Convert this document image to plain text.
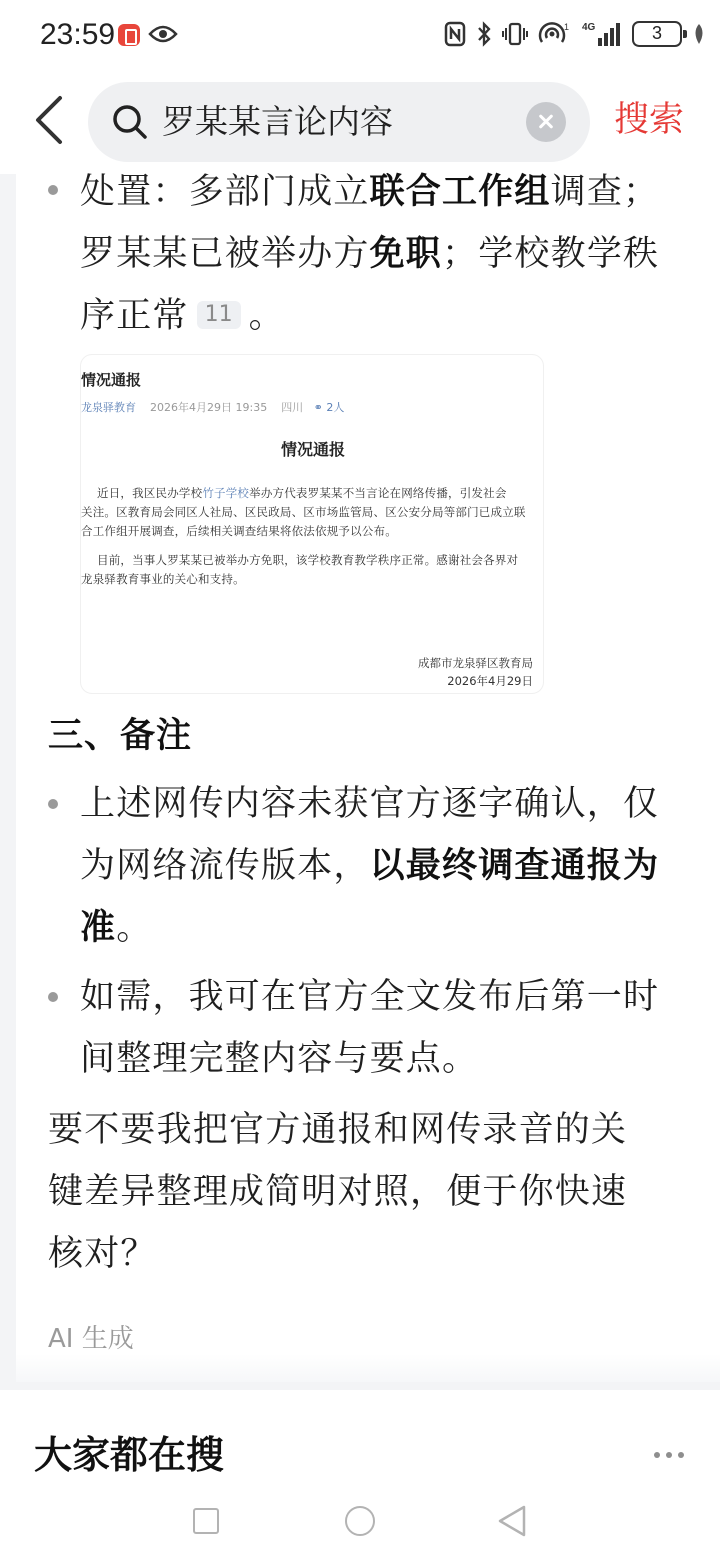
23:59	1 4G	3
罗某某言论内容	搜索
处置：多部门成立联合工作组调查；
罗某某已被举办方免职；学校教学秩
序正常 11 。
情况通报
龙泉驿教育 2026年4月29日 19:35 四川   ⚭ 2人
情况通报
近日，我区民办学校竹子学校举办方代表罗某某不当言论在网络传播，引发社会
关注。区教育局会同区人社局、区民政局、区市场监管局、区公安分局等部门已成立联
合工作组开展调查，后续相关调查结果将依法依规予以公布。
目前，当事人罗某某已被举办方免职，该学校教育教学秩序正常。感谢社会各界对
龙泉驿教育事业的关心和支持。
成都市龙泉驿区教育局
2026年4月29日
三、备注
上述网传内容未获官方逐字确认，仅
为网络流传版本，以最终调查通报为
准。
如需，我可在官方全文发布后第一时
间整理完整内容与要点。
要不要我把官方通报和网传录音的关
键差异整理成简明对照，便于你快速
核对？
AI 生成
大家都在搜
